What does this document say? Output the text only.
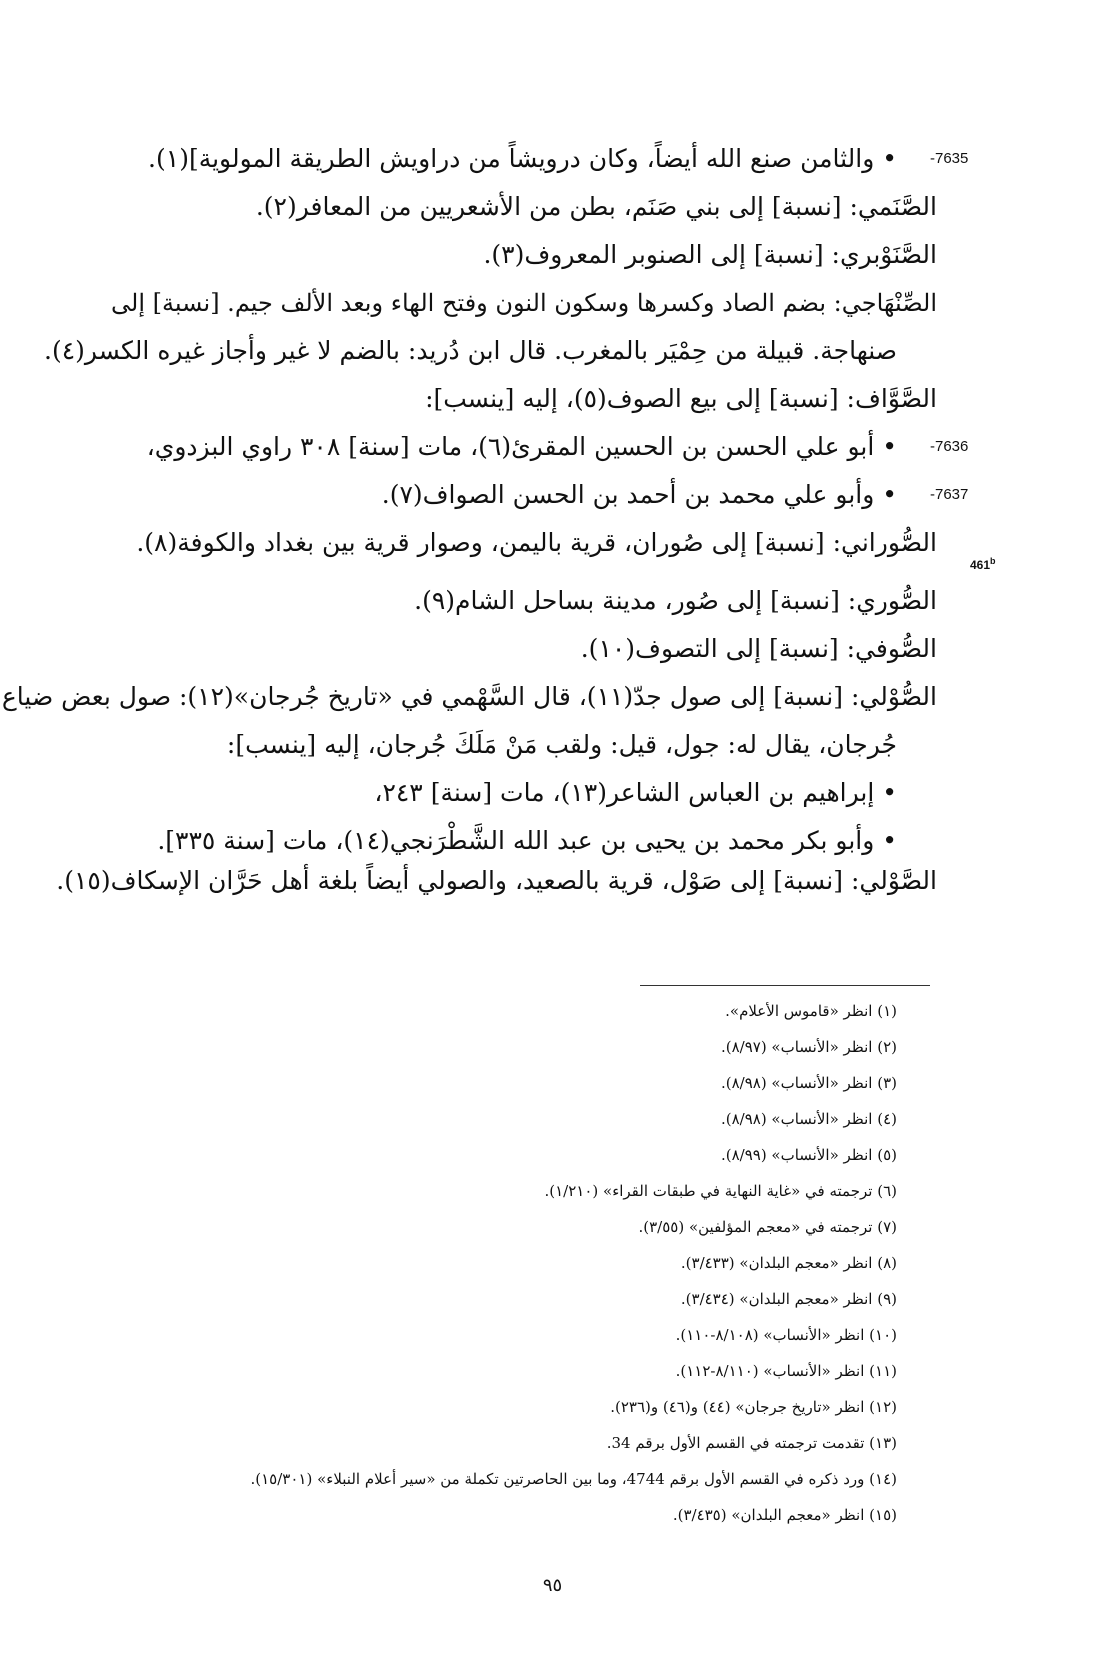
-7635
• والثامن صنع الله أيضاً، وكان درويشاً من دراويش الطريقة المولوية](١).
الصَّنَمي: [نسبة] إلى بني صَنَم، بطن من الأشعريين من المعافر(٢).
الصَّنَوْبري: [نسبة] إلى الصنوبر المعروف(٣).
الصِّنْهَاجي: بضم الصاد وكسرها وسكون النون وفتح الهاء وبعد الألف جيم. [نسبة] إلى
صنهاجة. قبيلة من حِمْيَر بالمغرب. قال ابن دُريد: بالضم لا غير وأجاز غيره الكسر(٤).
الصَّوَّاف: [نسبة] إلى بيع الصوف(٥)، إليه [ينسب]:
-7636
• أبو علي الحسن بن الحسين المقرئ(٦)، مات [سنة] ٣٠٨ راوي البزدوي،
-7637
• وأبو علي محمد بن أحمد بن الحسن الصواف(٧).
الصُّوراني: [نسبة] إلى صُوران، قرية باليمن، وصوار قرية بين بغداد والكوفة(٨).
461$^b$
الصُّوري: [نسبة] إلى صُور، مدينة بساحل الشام(٩).
الصُّوفي: [نسبة] إلى التصوف(١٠).
الصُّوْلي: [نسبة] إلى صول جدّ(١١)، قال السَّهْمي في «تاريخ جُرجان»(١٢): صول بعض ضياع
جُرجان، يقال له: جول، قيل: ولقب مَنْ مَلَكَ جُرجان، إليه [ينسب]:
• إبراهيم بن العباس الشاعر(١٣)، مات [سنة] ٢٤٣،
• وأبو بكر محمد بن يحيى بن عبد الله الشَّطْرَنجي(١٤)، مات [سنة ٣٣٥].
الصَّوْلي: [نسبة] إلى صَوْل، قرية بالصعيد، والصولي أيضاً بلغة أهل حَرَّان الإسكاف(١٥).
(١) انظر «قاموس الأعلام».
(٢) انظر «الأنساب» (٨/٩٧).
(٣) انظر «الأنساب» (٨/٩٨).
(٤) انظر «الأنساب» (٨/٩٨).
(٥) انظر «الأنساب» (٨/٩٩).
(٦) ترجمته في «غاية النهاية في طبقات القراء» (١/٢١٠).
(٧) ترجمته في «معجم المؤلفين» (٣/٥٥).
(٨) انظر «معجم البلدان» (٣/٤٣٣).
(٩) انظر «معجم البلدان» (٣/٤٣٤).
(١٠) انظر «الأنساب» (٨/١٠٨-١١٠).
(١١) انظر «الأنساب» (٨/١١٠-١١٢).
(١٢) انظر «تاريخ جرجان» (٤٤) و(٤٦) و(٢٣٦).
(١٣) تقدمت ترجمته في القسم الأول برقم 34.
(١٤) ورد ذكره في القسم الأول برقم 4744، وما بين الحاصرتين تكملة من «سير أعلام النبلاء» (١٥/٣٠١).
(١٥) انظر «معجم البلدان» (٣/٤٣٥).
٩٥
